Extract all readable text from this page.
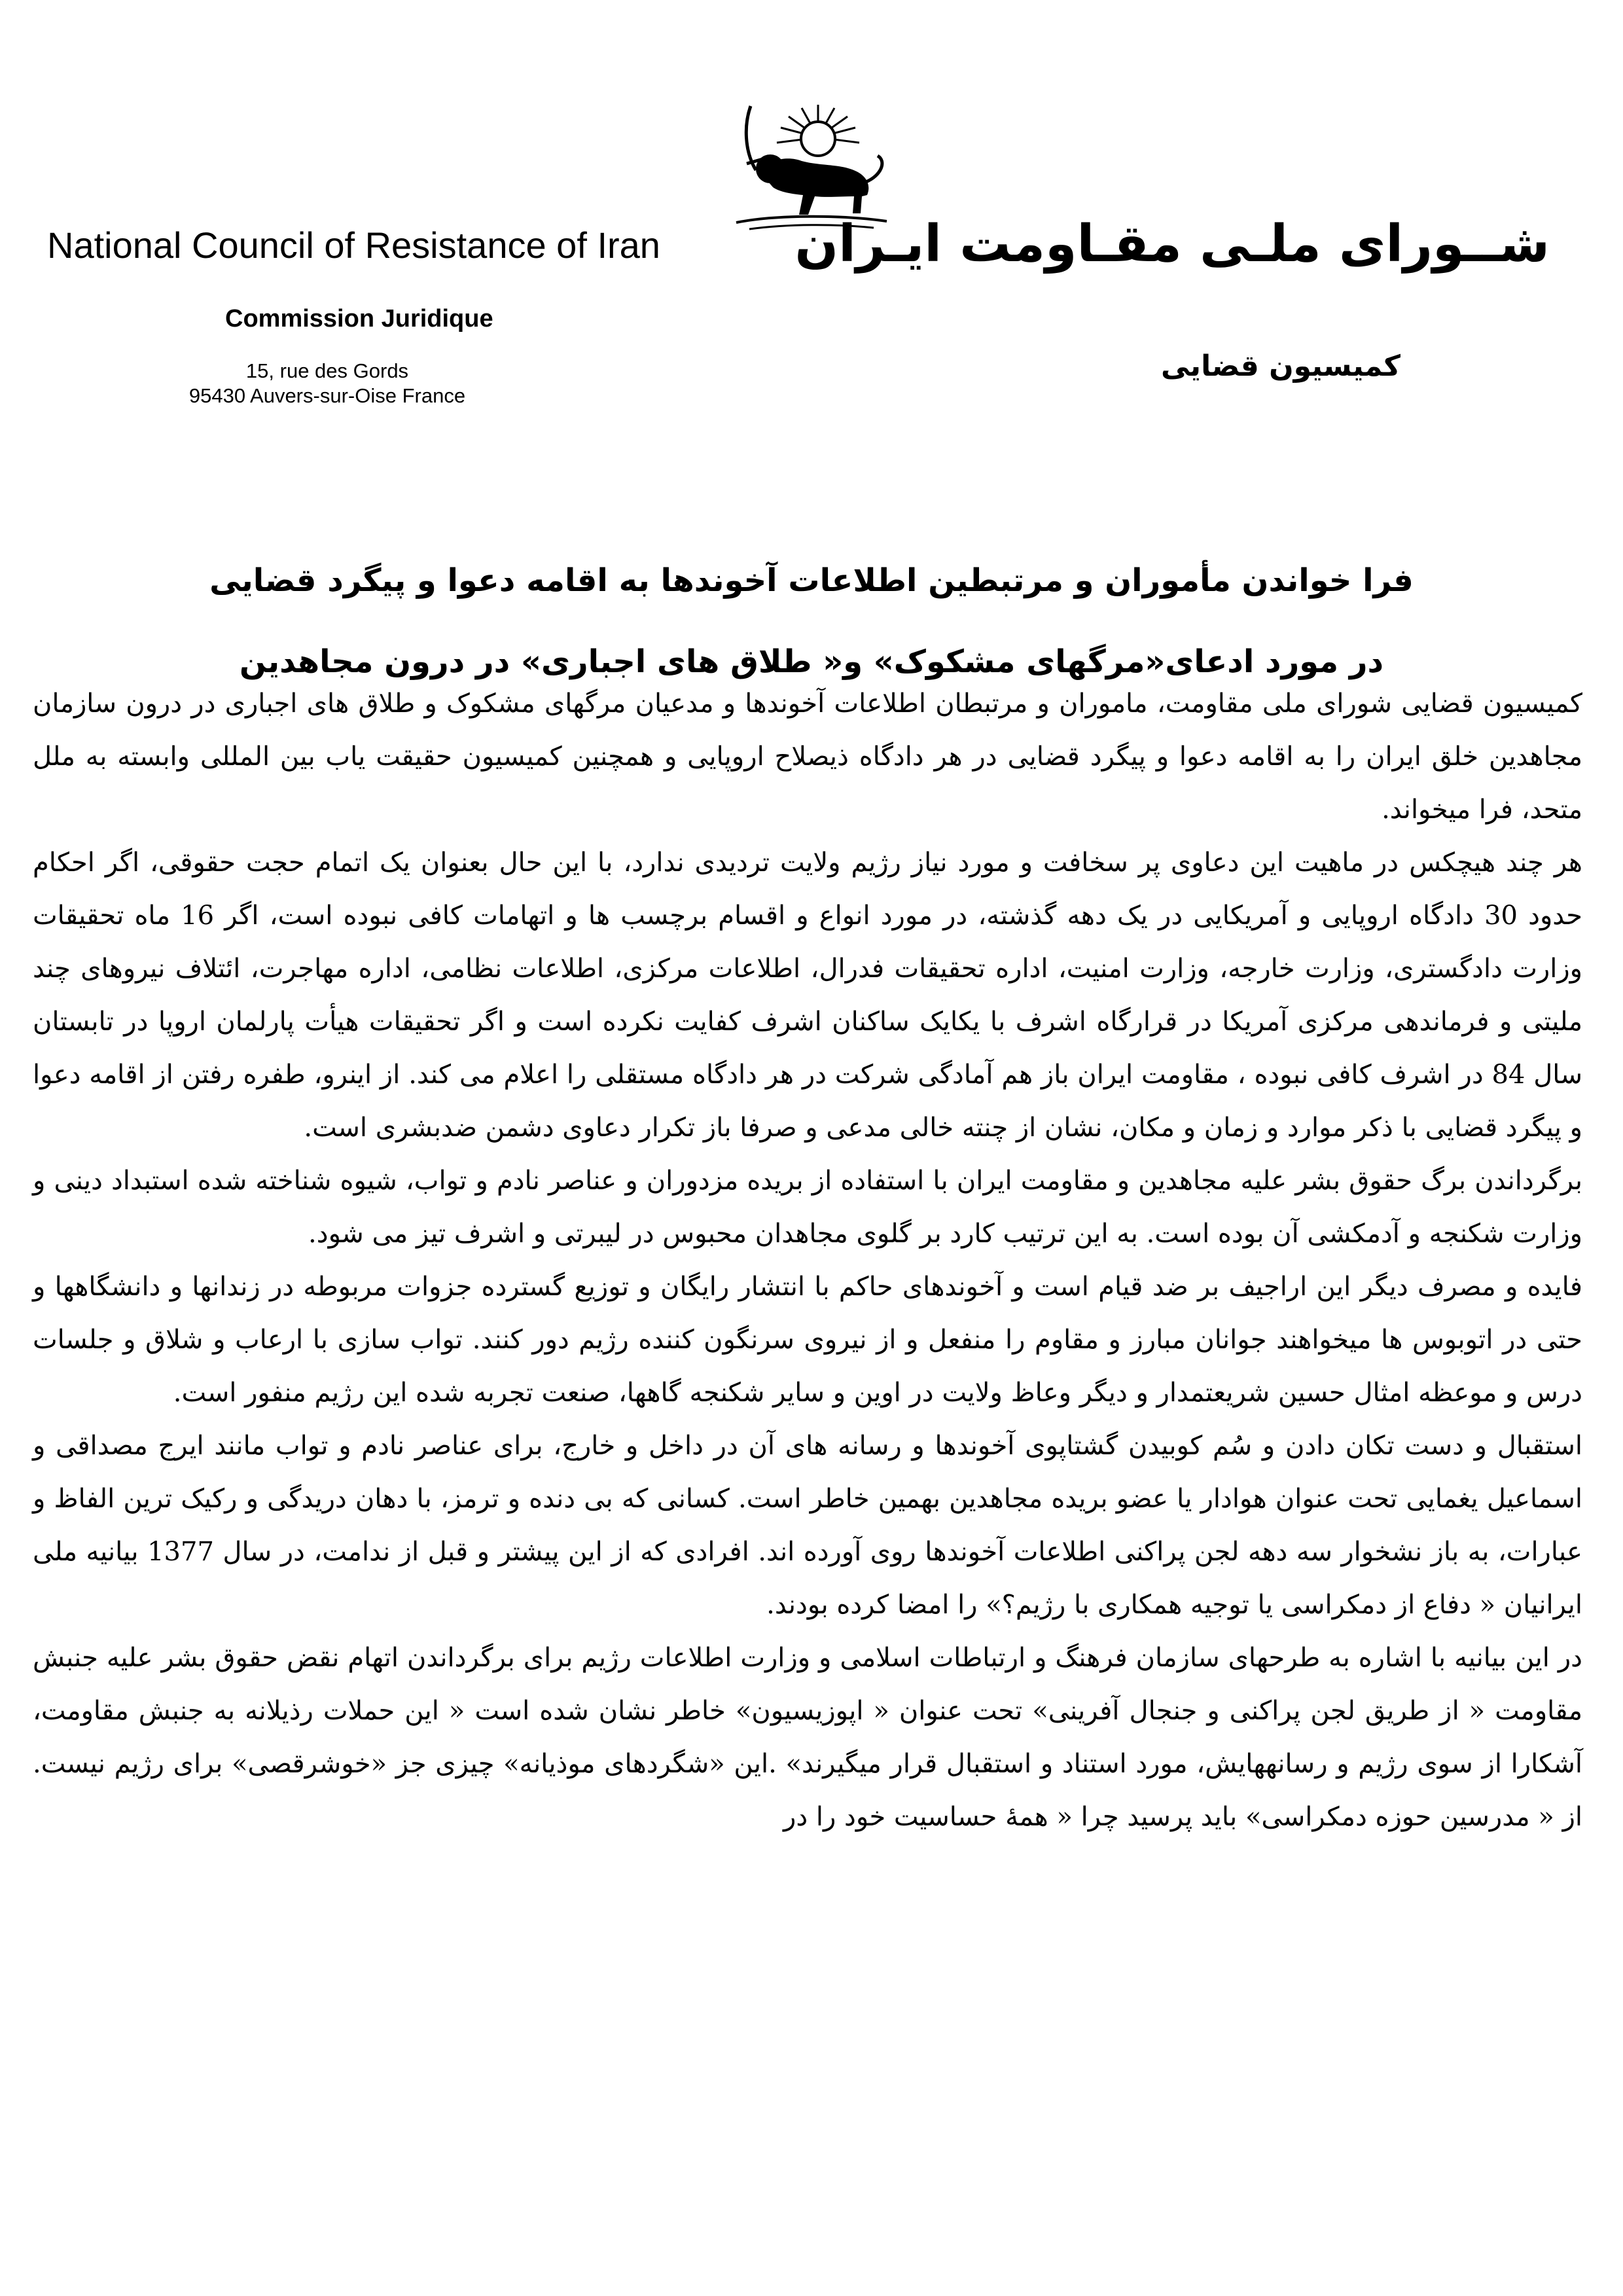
National Council of Resistance of Iran	شــورای ملـی مقـاومت ایـران
Commission Juridique
کمیسیون قضایی
15, rue des Gords
95430 Auvers-sur-Oise France
فرا خواندن مأموران و مرتبطین اطلاعات آخوندها به اقامه دعوا و پیگرد قضایی
در مورد ادعای«مرگهای مشکوک» و« طلاق های اجباری» در درون مجاهدین

کمیسیون قضایی شورای ملی مقاومت، ماموران و مرتبطان اطلاعات آخوندها و مدعیان مرگهای مشکوک و طلاق های اجباری در درون سازمان مجاهدین خلق ایران را به اقامه دعوا و پیگرد قضایی در هر دادگاه ذیصلاح اروپایی و همچنین کمیسیون حقیقت یاب بین المللی وابسته به ملل متحد، فرا میخواند.

هر چند هیچکس در ماهیت این دعاوی پر سخافت و مورد نیاز رژیم ولایت تردیدی ندارد، با این حال بعنوان یک اتمام حجت حقوقی، اگر احکام حدود 30 دادگاه اروپایی و آمریکایی در یک دهه گذشته، در مورد انواع و اقسام برچسب ها و اتهامات کافی نبوده است، اگر 16 ماه تحقیقات وزارت دادگستری، وزارت خارجه، وزارت امنیت، اداره تحقیقات فدرال، اطلاعات مرکزی، اطلاعات نظامی، اداره مهاجرت، ائتلاف نیروهای چند ملیتی و فرماندهی مرکزی آمریکا در قرارگاه اشرف با یکایک ساکنان اشرف کفایت نکرده است و اگر تحقیقات هیأت پارلمان اروپا در تابستان سال 84 در اشرف کافی نبوده ، مقاومت ایران باز هم آمادگی شرکت در هر دادگاه مستقلی را اعلام می کند. از اینرو، طفره رفتن از اقامه دعوا و پیگرد قضایی با ذکر موارد و زمان و مکان، نشان از چنته خالی مدعی و صرفا باز تکرار دعاوی دشمن ضدبشری است.

برگرداندن برگ حقوق بشر علیه مجاهدین و مقاومت ایران با استفاده از بریده مزدوران و عناصر نادم و تواب، شیوه شناخته شده استبداد دینی و وزارت شکنجه و آدمکشی آن بوده است. به این ترتیب کارد بر گلوی مجاهدان محبوس در لیبرتی و اشرف تیز می شود.

فایده و مصرف دیگر این اراجیف بر ضد قیام است و آخوندهای حاکم با انتشار رایگان و توزیع گسترده جزوات مربوطه در زندانها و دانشگاهها و حتی در اتوبوس ها میخواهند جوانان مبارز و مقاوم را منفعل و از نیروی سرنگون کننده رژیم دور کنند. تواب سازی با ارعاب و شلاق و جلسات درس و موعظه امثال حسین شریعتمدار و دیگر وعاظ ولایت در اوین و سایر شکنجه گاهها، صنعت تجربه شده این رژیم منفور است.

استقبال و دست تکان دادن و سُم کوبیدن گشتاپوی آخوندها و رسانه های آن در داخل و خارج، برای عناصر نادم و تواب مانند ایرج مصداقی و اسماعیل یغمایی تحت عنوان هوادار یا عضو بریده مجاهدین بهمین خاطر است. کسانی که بی دنده و ترمز، با دهان دریدگی و رکیک ترین الفاظ و عبارات، به باز نشخوار سه دهه لجن پراکنی اطلاعات آخوندها روی آورده اند. افرادی که از این پیشتر و قبل از ندامت، در سال 1377 بیانیه ملی ایرانیان « دفاع از دمکراسی یا توجیه همکاری با رژیم؟» را امضا کرده بودند.

در این بیانیه با اشاره به طرحهای سازمان فرهنگ و ارتباطات اسلامی و وزارت اطلاعات رژیم برای برگرداندن اتهام نقض حقوق بشر علیه جنبش مقاومت « از طریق لجن پراکنی و جنجال آفرینی» تحت عنوان « اپوزیسیون» خاطر نشان شده است « این حملات رذیلانه به جنبش مقاومت، آشکارا از سوی رژیم و رسانههایش، مورد استناد و استقبال قرار میگیرند» .این «شگردهای موذیانه» چیزی جز «خوشرقصی» برای رژیم نیست. از « مدرسین حوزه دمکراسی» باید پرسید چرا « همۀ حساسیت خود را در
